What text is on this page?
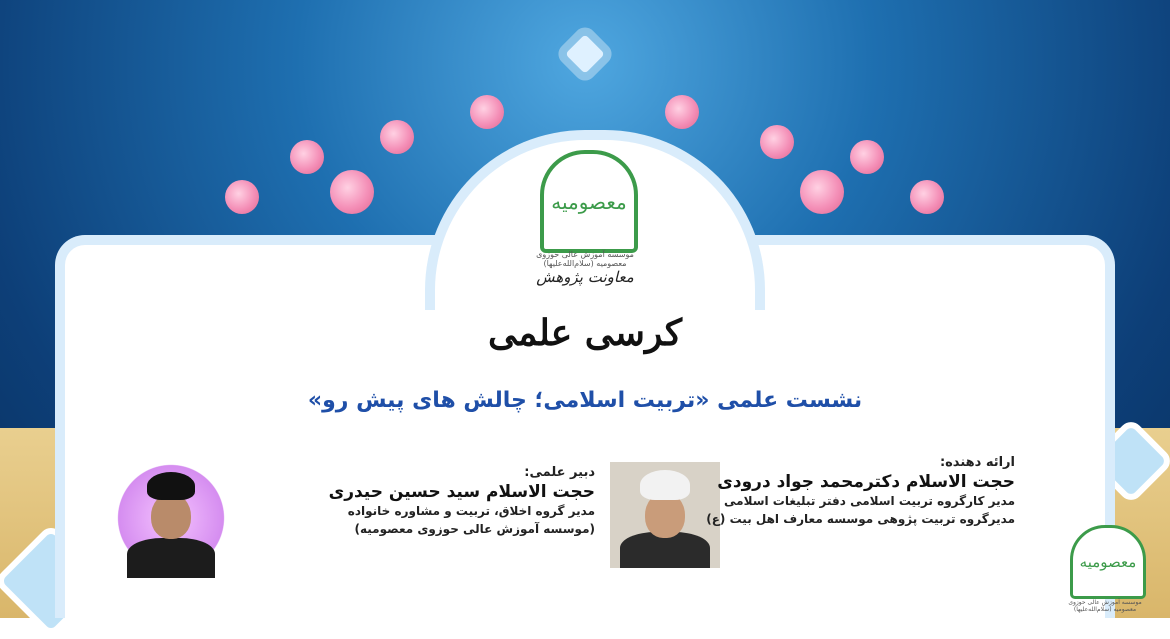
معصومیه
موسسه آموزش عالی حوزوی معصومیه (سلام‌الله‌علیها)
معاونت پژوهش
کرسی علمی
نشست علمی «تربیت اسلامی؛ چالش های پیش رو»
ارائه دهنده:
حجت الاسلام دکترمحمد جواد درودی
مدیر کارگروه تربیت اسلامی دفتر تبلیغات اسلامی
مدیرگروه تربیت پژوهی موسسه معارف اهل بیت (ع)
دبیر علمی:
حجت الاسلام سید حسین حیدری
مدیر گروه اخلاق، تربیت و مشاوره خانواده
(موسسه آموزش عالی حوزوی معصومیه)
معصومیه
موسسه آموزش عالی حوزوی معصومیه (سلام‌الله‌علیها)
